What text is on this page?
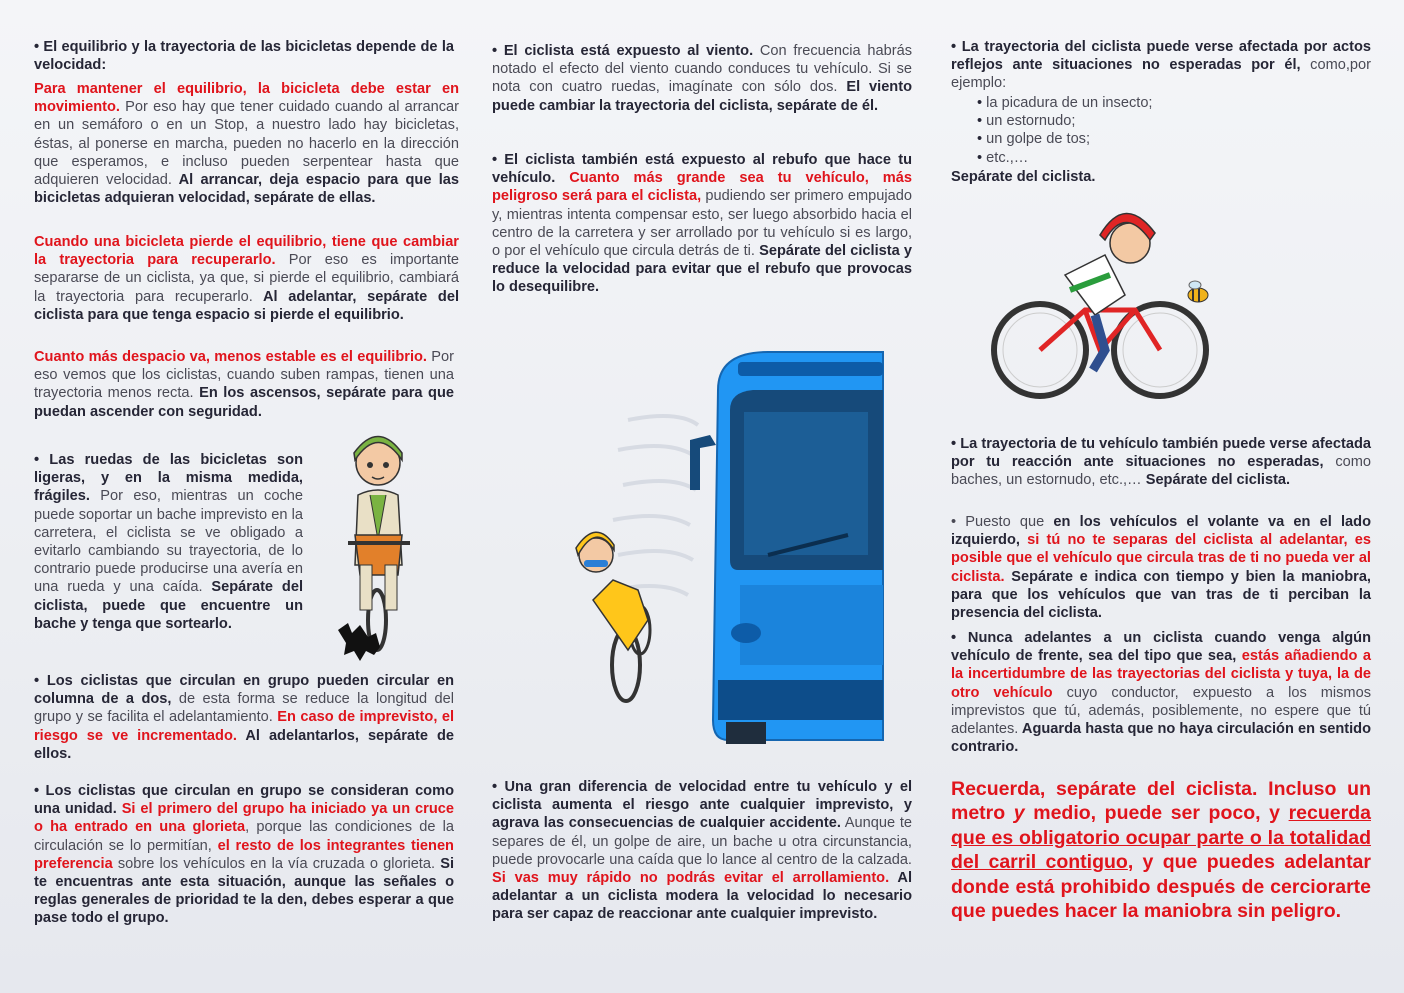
• El equilibrio y la trayectoria de las bicicletas depende de la velocidad:

Para mantener el equilibrio, la bicicleta debe estar en movimiento. Por eso hay que tener cuidado cuando al arrancar en un semáforo o en un Stop, a nuestro lado hay bicicletas, éstas, al ponerse en marcha, pueden no hacerlo en la dirección que esperamos, e incluso pueden serpentear hasta que adquieren velocidad. Al arrancar, deja espacio para que las bicicletas adquieran velocidad, sepárate de ellas.

Cuando una bicicleta pierde el equilibrio, tiene que cambiar la trayectoria para recuperarlo. Por eso es importante separarse de un ciclista, ya que, si pierde el equilibrio, cambiará la trayectoria para recuperarlo. Al adelantar, sepárate del ciclista para que tenga espacio si pierde el equilibrio.

Cuanto más despacio va, menos estable es el equilibrio. Por eso vemos que los ciclistas, cuando suben rampas, tienen una trayectoria menos recta. En los ascensos, sepárate para que puedan ascender con seguridad.

• Las ruedas de las bicicletas son ligeras, y en la misma medida, frágiles. Por eso, mientras un coche puede soportar un bache imprevisto en la carretera, el ciclista se ve obligado a evitarlo cambiando su trayectoria, de lo contrario puede producirse una avería en una rueda y una caída. Sepárate del ciclista, puede que encuentre un bache y tenga que sortearlo.

• Los ciclistas que circulan en grupo pueden circular en columna de a dos, de esta forma se reduce la longitud del grupo y se facilita el adelantamiento. En caso de imprevisto, el riesgo se ve incrementado. Al adelantarlos, sepárate de ellos.

• Los ciclistas que circulan en grupo se consideran como una unidad. Si el primero del grupo ha iniciado ya un cruce o ha entrado en una glorieta, porque las condiciones de la circulación se lo permitían, el resto de los integrantes tienen preferencia sobre los vehículos en la vía cruzada o glorieta. Si te encuentras ante esta situación, aunque las señales o reglas generales de prioridad te la den, debes esperar a que pase todo el grupo.

• El ciclista está expuesto al viento. Con frecuencia habrás notado el efecto del viento cuando conduces tu vehículo. Si se nota con cuatro ruedas, imagínate con sólo dos. El viento puede cambiar la trayectoria del ciclista, sepárate de él.

• El ciclista también está expuesto al rebufo que hace tu vehículo. Cuanto más grande sea tu vehículo, más peligroso será para el ciclista, pudiendo ser primero empujado y, mientras intenta compensar esto, ser luego absorbido hacia el centro de la carretera y ser arrollado por tu vehículo si es largo, o por el vehículo que circula detrás de ti. Sepárate del ciclista y reduce la velocidad para evitar que el rebufo que provocas lo desequilibre.

• Una gran diferencia de velocidad entre tu vehículo y el ciclista aumenta el riesgo ante cualquier imprevisto, y agrava las consecuencias de cualquier accidente. Aunque te separes de él, un golpe de aire, un bache u otra circunstancia, puede provocarle una caída que lo lance al centro de la calzada. Si vas muy rápido no podrás evitar el arrollamiento. Al adelantar a un ciclista modera la velocidad lo necesario para ser capaz de reaccionar ante cualquier imprevisto.

• La trayectoria del ciclista puede verse afectada por actos reflejos ante situaciones no esperadas por él, como,por ejemplo:

• la picadura de un insecto;
• un estornudo;
• un golpe de tos;
• etc.,…

Sepárate del ciclista.

• La trayectoria de tu vehículo también puede verse afectada por tu reacción ante situaciones no esperadas, como baches, un estornudo, etc.,… Sepárate del ciclista.

• Puesto que en los vehículos el volante va en el lado izquierdo, si tú no te separas del ciclista al adelantar, es posible que el vehículo que circula tras de ti no pueda ver al ciclista. Sepárate e indica con tiempo y bien la maniobra, para que los vehículos que van tras de ti perciban la presencia del ciclista.

• Nunca adelantes a un ciclista cuando venga algún vehículo de frente, sea del tipo que sea, estás añadiendo a la incertidumbre de las trayectorias del ciclista y tuya, la de otro vehículo cuyo conductor, expuesto a los mismos imprevistos que tú, además, posiblemente, no espere que tú adelantes. Aguarda hasta que no haya circulación en sentido contrario.

Recuerda, sepárate del ciclista. Incluso un metro y medio, puede ser poco, y recuerda que es obligatorio ocupar parte o la totalidad del carril contiguo, y que puedes adelantar donde está prohibido después de cerciorarte que puedes hacer la maniobra sin peligro.
